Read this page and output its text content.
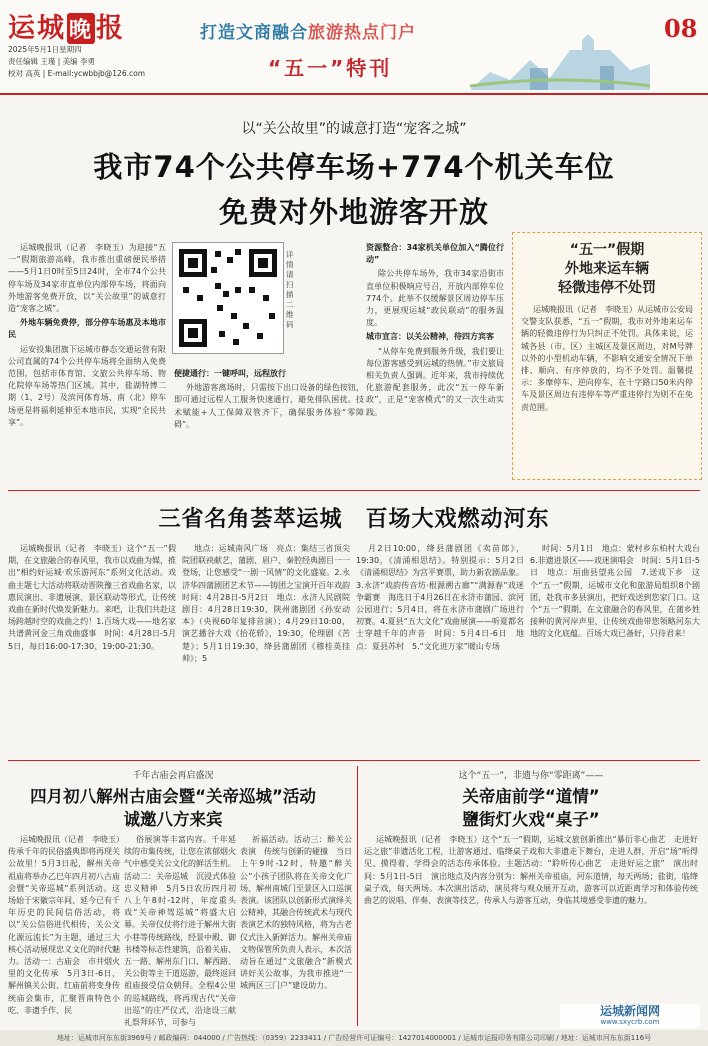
运城 晚 报
2025年5月1日星期四
责任编辑 王瑾 | 美编 李勇
校对 高英 | E-mail:ycwbbjb@126.com
打造文商融合旅游热点门户
“五一”特刊
08
以“关公故里”的诚意打造“宠客之城”
我市74个公共停车场+774个机关车位
免费对外地游客开放

运城晚报讯（记者　李晓玉）为迎接“五一”假期旅游高峰，我市推出重磅便民举措——5月1日0时至5日24时，全市74个公共停车场及34家市直单位内部停车场，将面向外地游客免费开放，以“关公故里”的诚意打造“宠客之城”。

外地车辆免费停，部分停车场惠及本地市民

运安投集团旗下运城市静态交通运营有限公司直属的74个公共停车场将全面纳入免费范围，包括市体育馆、文旅公共停车场、物化院停车场等热门区域。其中，盐湖特博二期（1、2号）及滨河体育场、南（北）停车场更是将福利延伸至本地市民，实现“全民共享”。

详情请扫描二维码

便捷通行：一键呼叫，远程放行

外地游客离场时，只需按下出口设备的绿色按钮，即可通过远程人工服务快速通行，避免排队困扰。技术赋能+人工保障双管齐下，确保服务体验“零障碍”。

资源整合：34家机关单位加入“腾位行动”

除公共停车场外，我市34家沿街市直单位积极响应号召，开放内部停车位774个。此举不仅缓解景区周边停车压力，更展现运城“政民联动”的服务温度。

城市宣言：以关公精神，待四方宾客

“从停车免费到服务升级，我们要让每位游客感受到运城的热情。”市文旅局相关负责人强调。近年来，我市持续优化旅游配套服务，此次“五一停车新政”，正是“宠客模式”的又一次生动实践。

“五一”假期
外地来运车辆
轻微违停不处罚

运城晚报讯（记者　李晓玉）从运城市公安局交警支队获悉，“五一”假期，我市对外地来运车辆的轻微违停行为只纠正不处罚。具体来说，运城各县（市、区）主城区及景区周边，对M号牌以外的小型机动车辆，不影响交通安全情况下单排、顺向、有序停放的，均不予处罚。温馨提示：多摩停车、逆向停车，在十字路口50米内停车及景区周边有违停车等严重违停行为则不在免责范围。

三省名角荟萃运城　百场大戏燃动河东

运城晚报讯（记者　李晓玉）这个“五一”假期，在文旅融合的春风里，我市以戏曲为媒，推出“相约好运城·欢乐游河东”系列文化活动。戏曲主题七大活动将联动晋陕豫三省戏曲名家，以惠民演出、非遗展演、景区联动等形式，让传统戏曲在新时代焕发新魅力。来吧，让我们共赴这场跨越时空的戏曲之约！1.百场大戏——地名家共谱黄河金三角戏曲盛事　时间：4月28日-5月5日，每日16:00-17:30、19:00-21:30。

地点：运城南风广场　亮点：集结三省顶尖院团联袂献艺，蒲剧、眉户、秦腔经典剧目一一登场，让您感受“一剧一风情”的文化盛宴。2.永济华四蒲剧团艺术节——铸团之宝演开百年戏韵　时间：4月28日-5月2日　地点：永济人民剧院　剧目：4月28日19:30，陕州蒲剧团《孙安动本》（央视60年复排首演）；4月29日10:00，演艺播谷大戏《抬花轿》，19:30，伦理剧《苦楚》；5月1日19:30，绛县蒲剧团《穆桂英挂帅》；5

月2日10:00，绛县蒲剧团《卖苗郎》，19:30，《清涌相思结》。特别提示：5月2日《清涌相思结》为宫平赛票，助力新农剧品象。3.永济“戏韵传音坊·根源溯古廊”“满源春”戏迷争霸赛　海选日于4月26日在永济市蒲园、滨河公园进行；5月4日，将在永济市蒲剧广场进行初赛。4.夏县“五大文化”戏曲展演——听夏都名士穿越千年的声音　时间：5月4日-6日　地点：夏县苏村　5.“文化进万家”暖山专场

时间：5月1日　地点：蒙村乡东柏村大戏台　6.非遗进景区——戏迷演唱会　时间：5月1日-5日　地点：垣曲县望兆公园　7.送戏下乡　这个“五一”假期，运城市文化和旅游局组织8个剧团，赴我市多县演出，把好戏送到您家门口。这个“五一”假期，在文旅融合的春风里，在蒲乡姓接种的黄河岸声里，让传统戏曲带您领略河东大地的文化底蕴。百场大戏已备好，只待君来！

千年古庙会再启盛况
四月初八解州古庙会暨“关帝巡城”活动
诚邀八方来宾

运城晚报讯（记者　李晓玉）传承千年的民俗盛典即将再现关公故里！5月3日起，解州关帝祖庙将举办乙巳年四月初八古庙会暨“关帝巡城”系列活动。这场始于宋徽宗年间、延今已有千年历史的民间信俗活动，将以“关公信俗进代相传，关公文化源远流长”为主题，通过三大核心活动展现忠义文化的时代魅力。活动一：古庙会　市井烟火里的文化传承　5月3日-6日，解州镇关公街、红庙前将变身传统庙会集市，汇聚晋南特色小吃、非遗手作、民

俗展演等丰富内容。千年延续的市集传统，让您在浓郁烟火气中感受关公文化的鲜活生机。活动二：关帝巡城　沉浸式体验忠义精神　5月5日农历四月初八上午8时-12时，年度重头戏“关帝神驾巡城”将盛大启幕。关帝仪仗将行进于解州大街小巷等传统路线，经景中殿、御书楼等标志性建筑，沿着关庙、五一路、解州东门口、解西路、关公街等主干道巡游，最终返回祖庙接受信众朝拜。全程4公里的巡城路线，将再现古代“关帝出巡”的庄严仪式，沿途设三献礼祭拜环节，可参与

祈福活动。活动三：醉关公表演　传统与创新的碰撞　当日上午9时-12时，特邀“醉关公”小孩子团队将在关帝文化广场、解州南城门至景区入口巡演表演。该团队以创新形式演绎关公精神，其融合传统武术与现代表演艺术的独特风格，将为古老仪式注入新鲜活力。解州关帝庙文物保管所负责人表示，本次活动旨在通过“文旅融合”新模式讲好关公故事，为我市推进“一城两区三门户”建设助力。

这个“五一”，非遗与你“零距离”——
关帝庙前学“道情”
鹽街灯火戏“桌子”

运城晚报讯（记者　李晓玉）这个“五一”假期，运城文旅创新推出“暴衍非心曲艺　走进好运之旅”非遗活化工程，让游客通过、临绛桌子戏和大非遗走下舞台，走进人群，开启“场”听得见、摸得着、学得会的活态传承体验。主题活动：“聆听传心曲艺　走进好运之旅”　演出时间：5月1日-5日　演出地点及内容分别为：解州关帝祖庙，河东道情，每天两场；盐街，临绛桌子戏，每天两场。本次演出活动，演员将与观众展开互动，游客可以近距离学习和体验传统曲艺的说唱、伴奏、表演等技艺，传承人与游客互动，身临其境感受非遗的魅力。

运城新闻网
www.sxycrb.com
地址：运城市河东东街3969号 / 邮政编码：044000 / 广告热线：（0359）2233411 / 广告经营许可证编号：1427014000001 / 运城市运报印务有限公司印刷 / 地址：运城市河东东街116号
